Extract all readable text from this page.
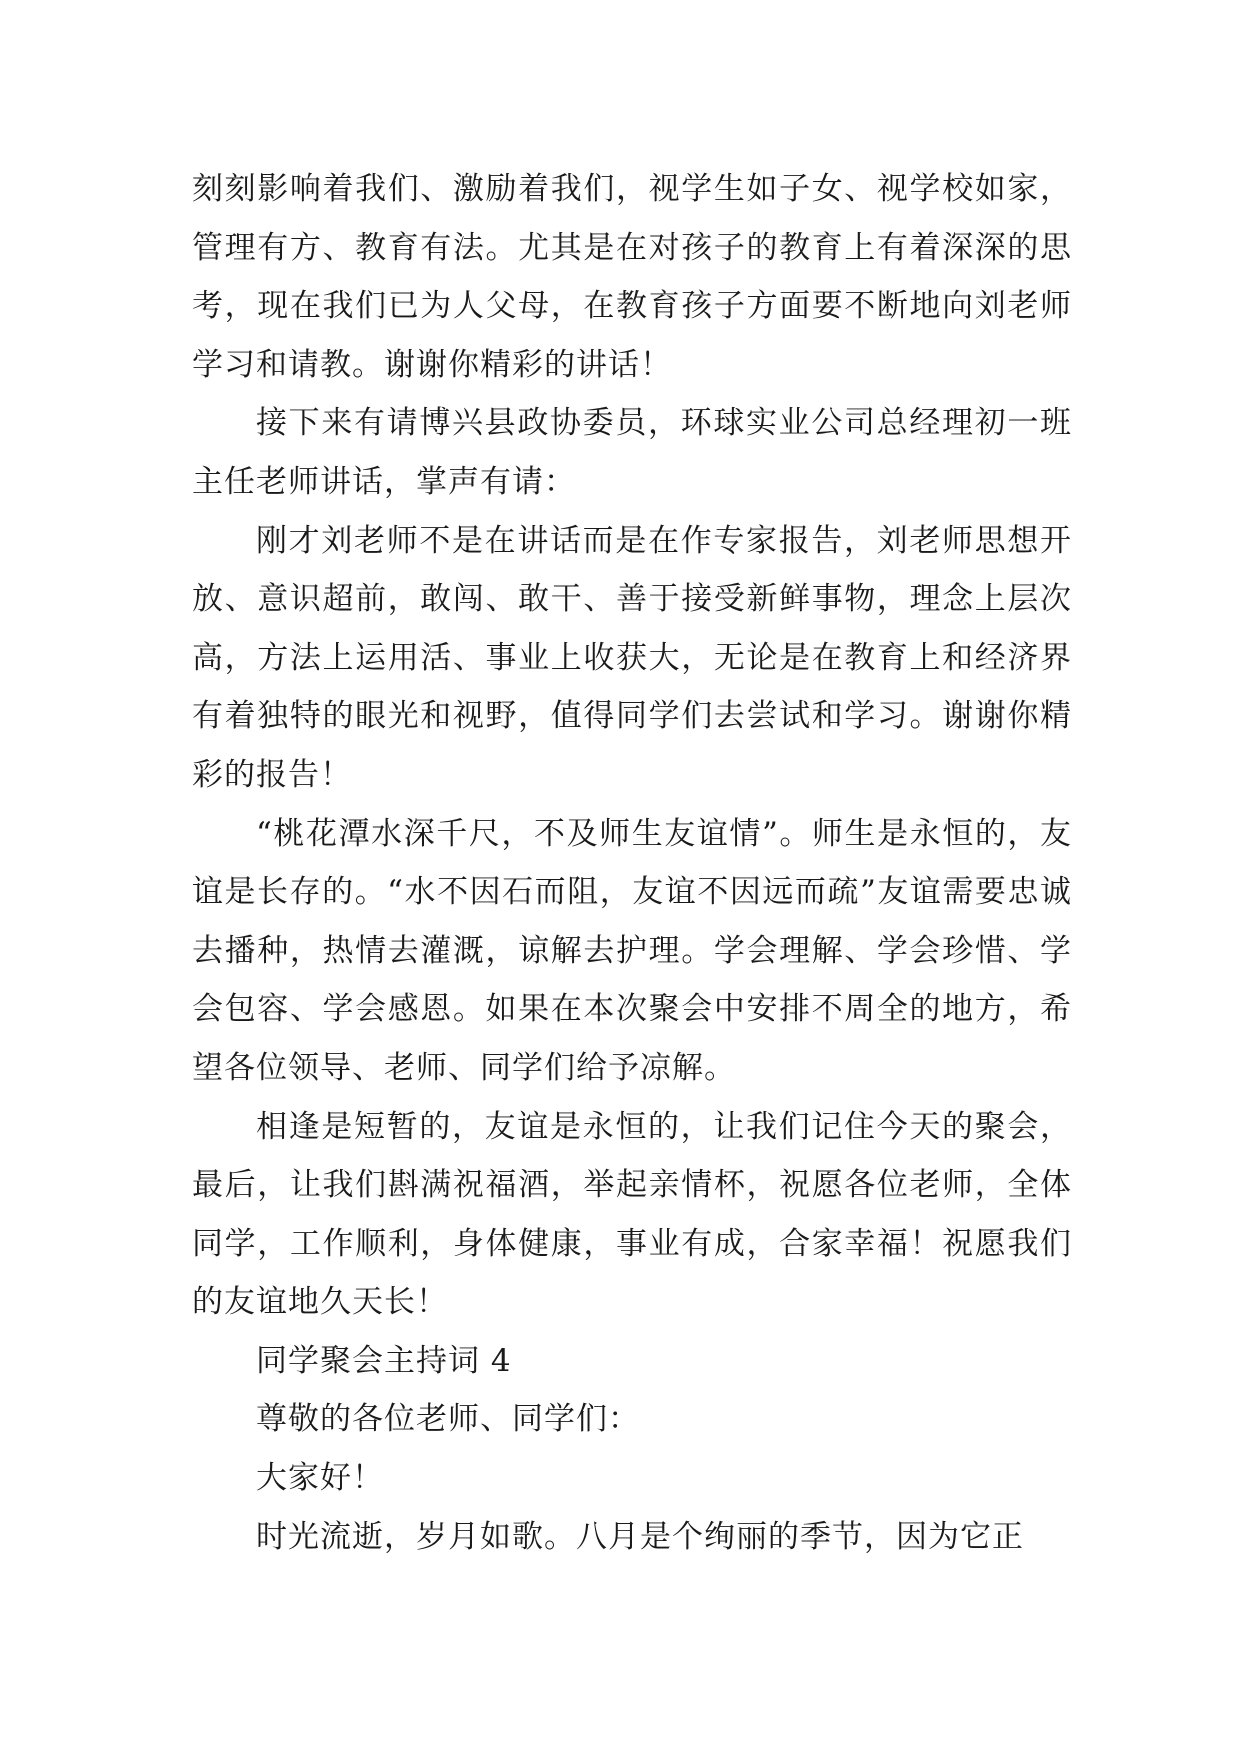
刻刻影响着我们、激励着我们，视学生如子女、视学校如家，管理有方、教育有法。尤其是在对孩子的教育上有着深深的思考，现在我们已为人父母，在教育孩子方面要不断地向刘老师学习和请教。谢谢你精彩的讲话！

接下来有请博兴县政协委员，环球实业公司总经理初一班主任老师讲话，掌声有请：

刚才刘老师不是在讲话而是在作专家报告，刘老师思想开放、意识超前，敢闯、敢干、善于接受新鲜事物，理念上层次高，方法上运用活、事业上收获大，无论是在教育上和经济界有着独特的眼光和视野，值得同学们去尝试和学习。谢谢你精彩的报告！

“桃花潭水深千尺，不及师生友谊情”。师生是永恒的，友谊是长存的。“水不因石而阻，友谊不因远而疏”友谊需要忠诚去播种，热情去灌溉，谅解去护理。学会理解、学会珍惜、学会包容、学会感恩。如果在本次聚会中安排不周全的地方，希望各位领导、老师、同学们给予凉解。

相逢是短暂的，友谊是永恒的，让我们记住今天的聚会，最后，让我们斟满祝福酒，举起亲情杯，祝愿各位老师，全体同学，工作顺利，身体健康，事业有成，合家幸福！祝愿我们的友谊地久天长！

同学聚会主持词 4

尊敬的各位老师、同学们：

大家好！

时光流逝，岁月如歌。八月是个绚丽的季节，因为它正
